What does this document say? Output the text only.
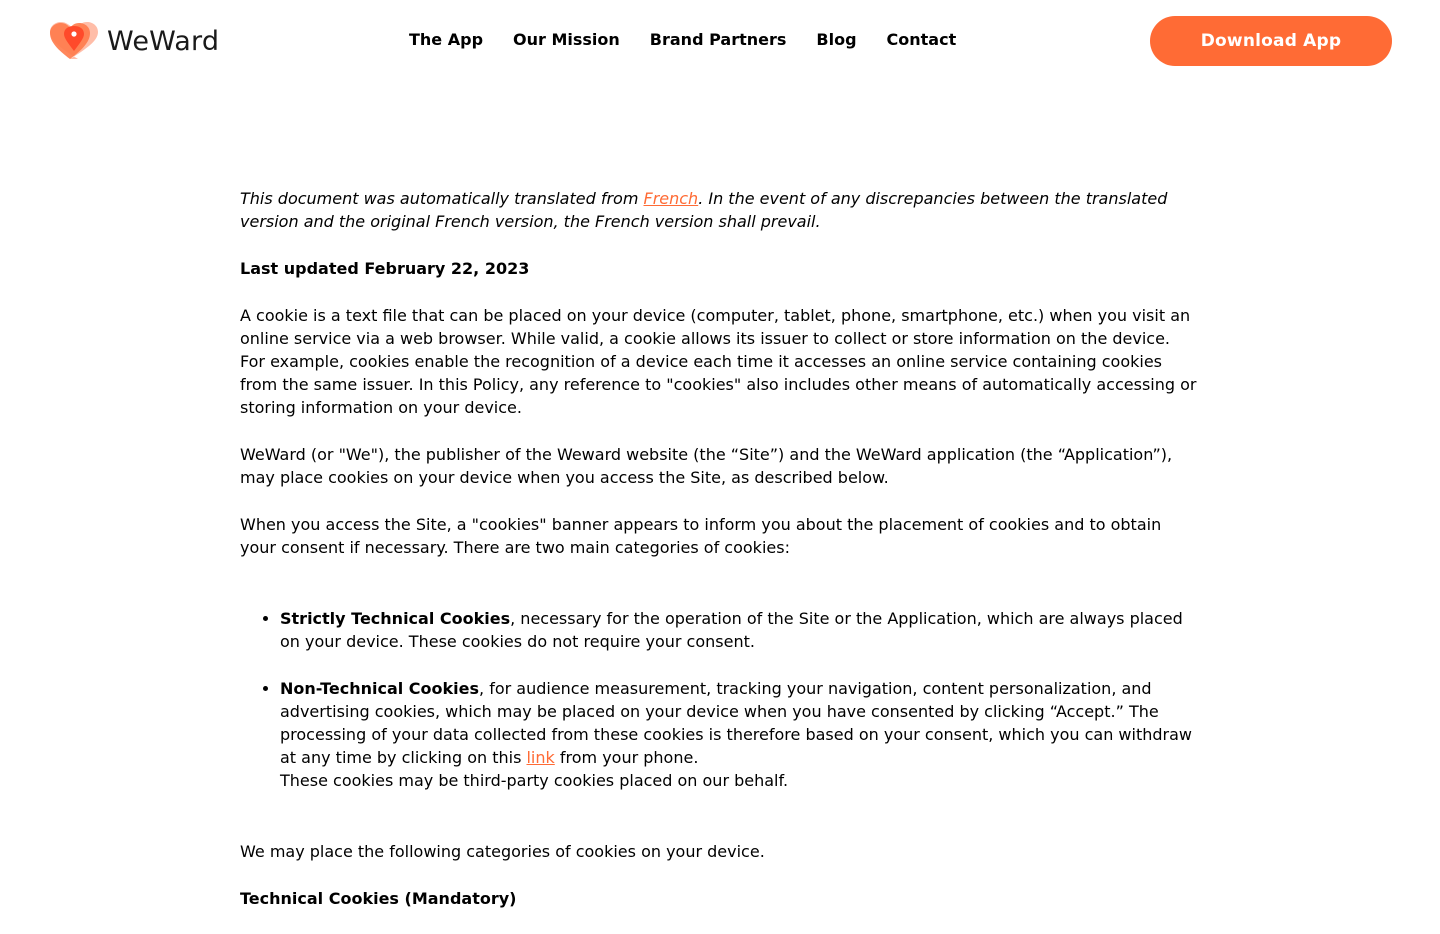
WeWard	The App Our Mission Brand Partners Blog Contact	Download App

This document was automatically translated from French. In the event of any discrepancies between the translated version and the original French version, the French version shall prevail.

Last updated February 22, 2023

A cookie is a text file that can be placed on your device (computer, tablet, phone, smartphone, etc.) when you visit an online service via a web browser. While valid, a cookie allows its issuer to collect or store information on the device. For example, cookies enable the recognition of a device each time it accesses an online service containing cookies from the same issuer. In this Policy, any reference to "cookies" also includes other means of automatically accessing or storing information on your device.

WeWard (or "We"), the publisher of the Weward website (the “Site”) and the WeWard application (the “Application”), may place cookies on your device when you access the Site, as described below.

When you access the Site, a "cookies" banner appears to inform you about the placement of cookies and to obtain your consent if necessary. There are two main categories of cookies:

• Strictly Technical Cookies, necessary for the operation of the Site or the Application, which are always placed on your device. These cookies do not require your consent.
• Non-Technical Cookies, for audience measurement, tracking your navigation, content personalization, and advertising cookies, which may be placed on your device when you have consented by clicking “Accept.” The processing of your data collected from these cookies is therefore based on your consent, which you can withdraw at any time by clicking on this link from your phone.
These cookies may be third-party cookies placed on our behalf.

We may place the following categories of cookies on your device.

Technical Cookies (Mandatory)
